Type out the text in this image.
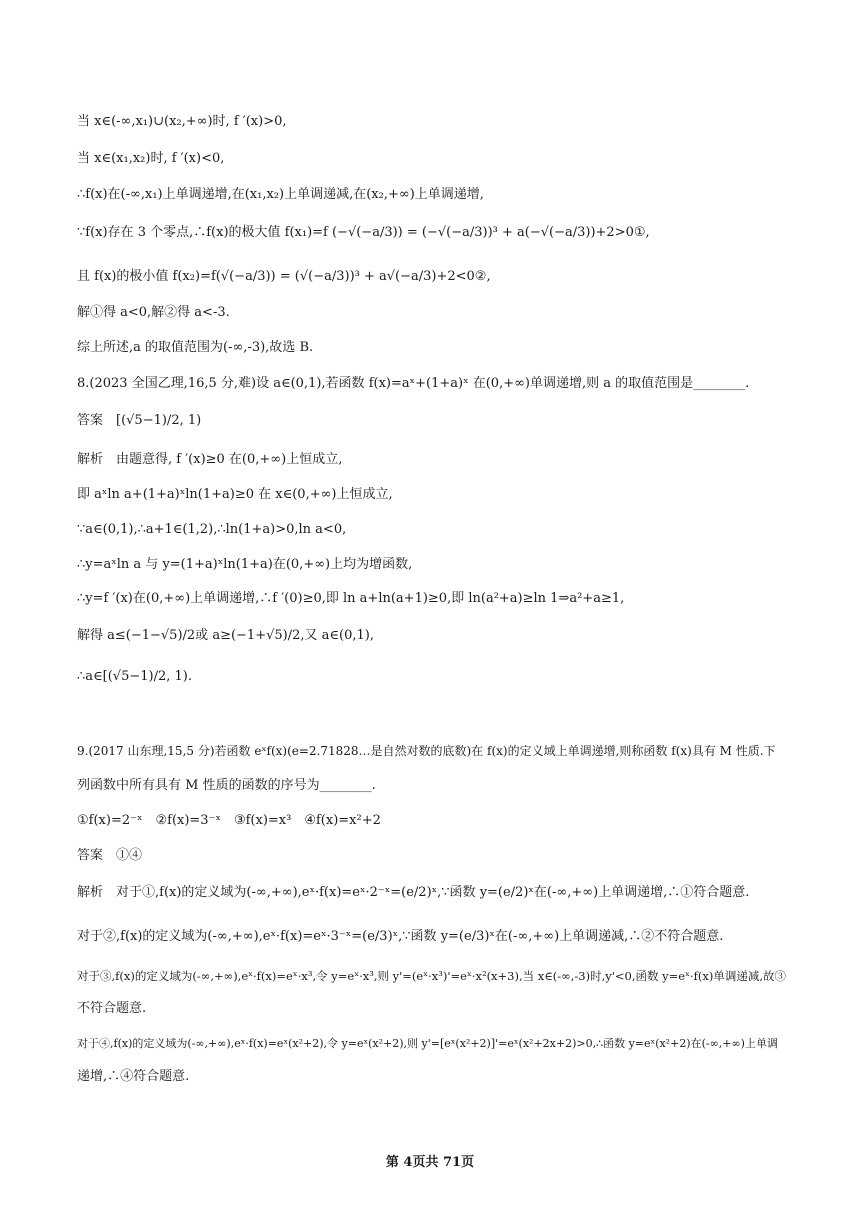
当 x∈(-∞,x₁)∪(x₂,+∞)时, f ′(x)>0,
当 x∈(x₁,x₂)时, f ′(x)<0,
∴f(x)在(-∞,x₁)上单调递增,在(x₁,x₂)上单调递减,在(x₂,+∞)上单调递增,
∵f(x)存在 3 个零点,∴f(x)的极大值 f(x₁)=f (−√(−a/3)) = (−√(−a/3))³ + a(−√(−a/3))+2>0①,
且 f(x)的极小值 f(x₂)=f(√(−a/3)) = (√(−a/3))³ + a√(−a/3)+2<0②,
解①得 a<0,解②得 a<-3.
综上所述,a 的取值范围为(-∞,-3),故选 B.
8.(2023 全国乙理,16,5 分,难)设 a∈(0,1),若函数 f(x)=aˣ+(1+a)ˣ 在(0,+∞)单调递增,则 a 的取值范围是________.
答案　[(√5−1)/2, 1)
解析　由题意得, f ′(x)≥0 在(0,+∞)上恒成立,
即 aˣln a+(1+a)ˣln(1+a)≥0 在 x∈(0,+∞)上恒成立,
∵a∈(0,1),∴a+1∈(1,2),∴ln(1+a)>0,ln a<0,
∴y=aˣln a 与 y=(1+a)ˣln(1+a)在(0,+∞)上均为增函数,
∴y=f ′(x)在(0,+∞)上单调递增,∴f ′(0)≥0,即 ln a+ln(a+1)≥0,即 ln(a²+a)≥ln 1⇒a²+a≥1,
解得 a≤(−1−√5)/2或 a≥(−1+√5)/2,又 a∈(0,1),
∴a∈[(√5−1)/2, 1).
9.(2017 山东理,15,5 分)若函数 eˣf(x)(e=2.71828…是自然对数的底数)在 f(x)的定义域上单调递增,则称函数 f(x)具有 M 性质.下
列函数中所有具有 M 性质的函数的序号为________.
①f(x)=2⁻ˣ　②f(x)=3⁻ˣ　③f(x)=x³　④f(x)=x²+2
答案　①④
解析　对于①,f(x)的定义域为(-∞,+∞),eˣ·f(x)=eˣ·2⁻ˣ=(e/2)ˣ,∵函数 y=(e/2)ˣ在(-∞,+∞)上单调递增,∴①符合题意.
对于②,f(x)的定义域为(-∞,+∞),eˣ·f(x)=eˣ·3⁻ˣ=(e/3)ˣ,∵函数 y=(e/3)ˣ在(-∞,+∞)上单调递减,∴②不符合题意.
对于③,f(x)的定义域为(-∞,+∞),eˣ·f(x)=eˣ·x³,令 y=eˣ·x³,则 y'=(eˣ·x³)'=eˣ·x²(x+3),当 x∈(-∞,-3)时,y'<0,函数 y=eˣ·f(x)单调递减,故③
不符合题意.
对于④,f(x)的定义域为(-∞,+∞),eˣ·f(x)=eˣ(x²+2),令 y=eˣ(x²+2),则 y'=[eˣ(x²+2)]'=eˣ(x²+2x+2)>0,∴函数 y=eˣ(x²+2)在(-∞,+∞)上单调
递增,∴④符合题意.
第 4页共 71页
